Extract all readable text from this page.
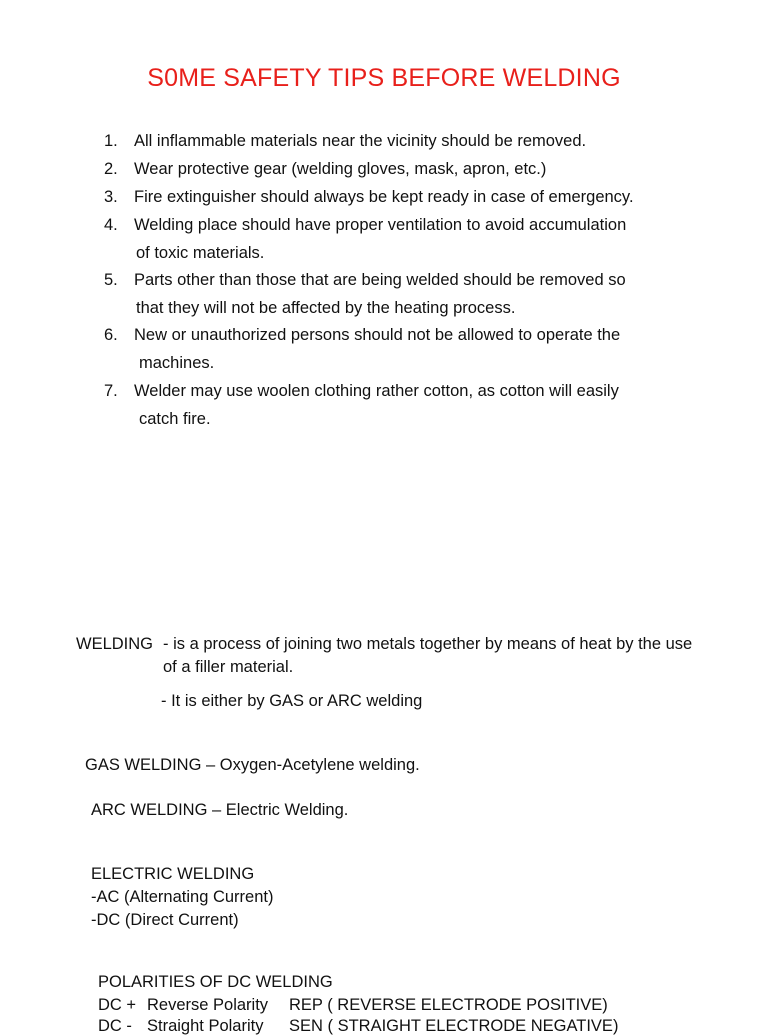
S0ME SAFETY TIPS BEFORE WELDING
1. All inflammable materials near the vicinity should be removed.
2. Wear protective gear (welding gloves, mask, apron, etc.)
3. Fire extinguisher should always be kept ready in case of emergency.
4. Welding place should have proper ventilation to avoid accumulation
of toxic materials.
5. Parts other than those that are being welded should be removed so
that they will not be affected by the heating process.
6. New or unauthorized persons should not be allowed to operate the
machines.
7. Welder may use woolen clothing rather cotton, as cotton will easily
catch fire.
WELDING - is a process of joining two metals together by means of heat by the use
of a filler material.
- It is either by GAS or ARC welding
GAS WELDING – Oxygen-Acetylene welding.
ARC WELDING – Electric Welding.
ELECTRIC WELDING
-AC (Alternating Current)
-DC (Direct Current)
POLARITIES OF DC WELDING
DC + Reverse Polarity REP ( REVERSE ELECTRODE POSITIVE)
DC - Straight Polarity SEN ( STRAIGHT ELECTRODE NEGATIVE)
